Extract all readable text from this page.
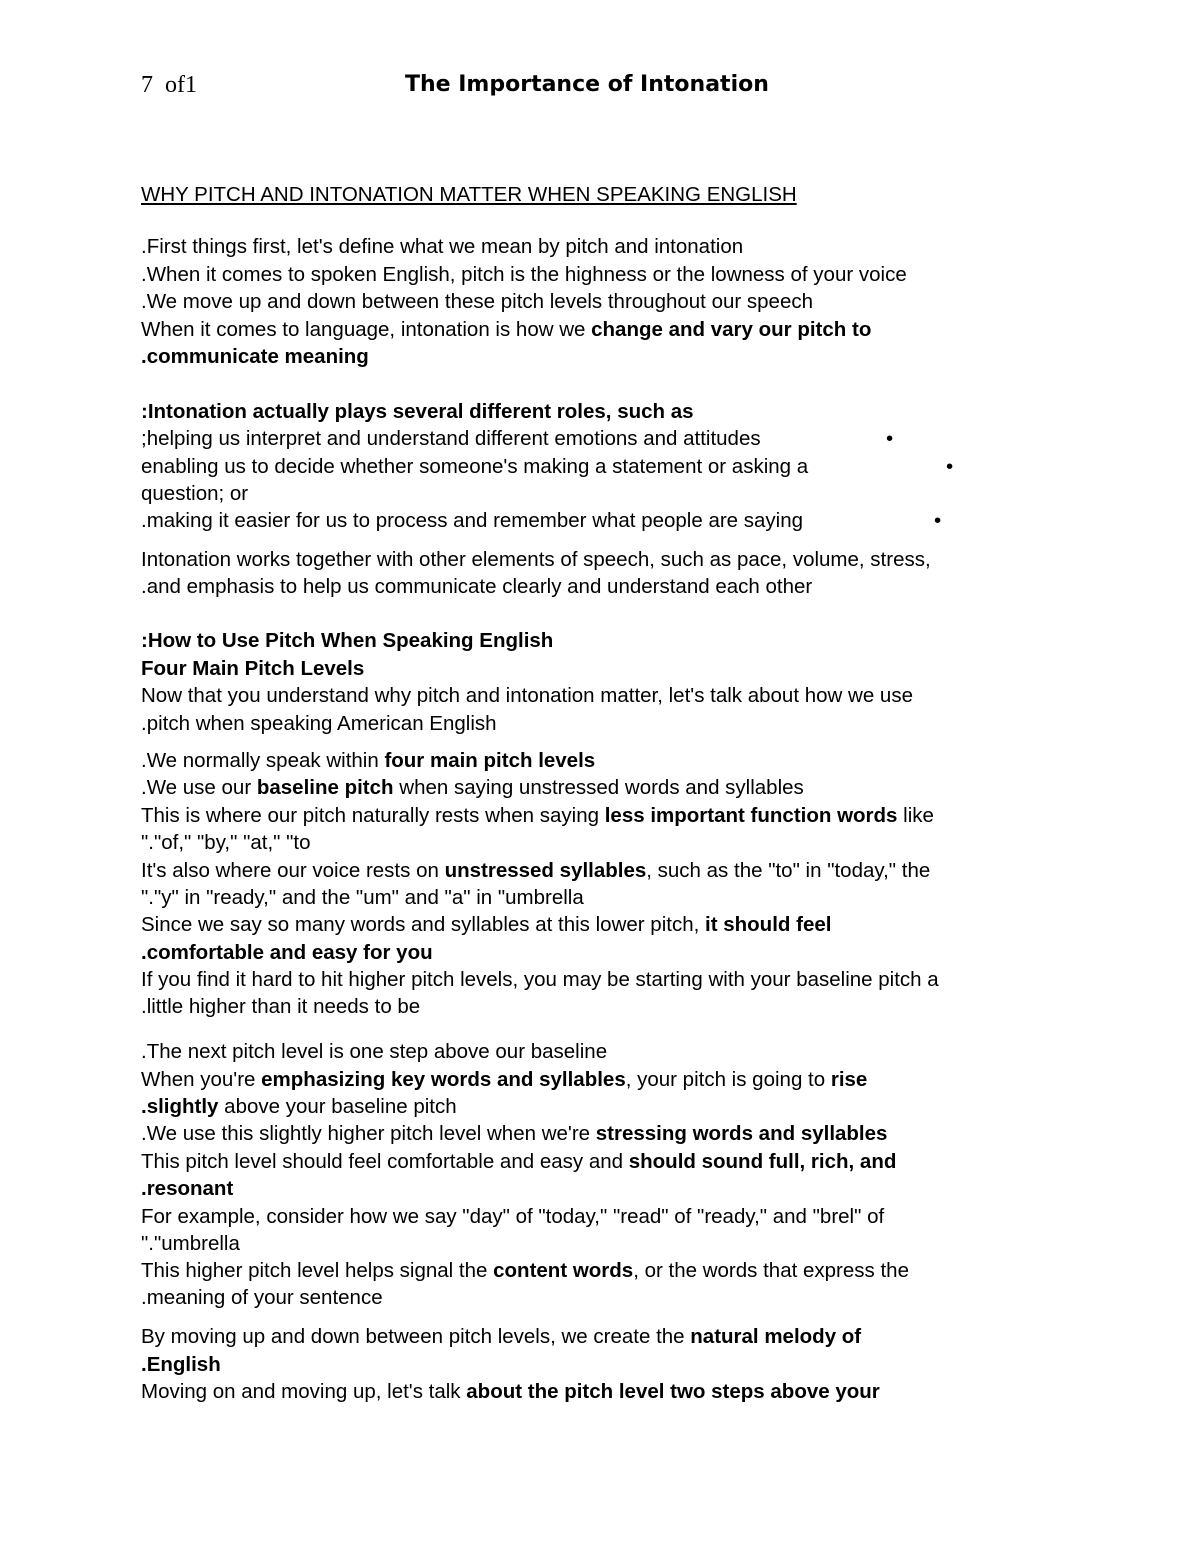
7  of1	The Importance of Intonation

WHY PITCH AND INTONATION MATTER WHEN SPEAKING ENGLISH

.First things first, let's define what we mean by pitch and intonation

.When it comes to spoken English, pitch is the highness or the lowness of your voice

.We move up and down between these pitch levels throughout our speech

When it comes to language, intonation is how we change and vary our pitch to

.communicate meaning

:Intonation actually plays several different roles, such as

;helping us interpret and understand different emotions and attitudes	•

enabling us to decide whether someone's making a statement or asking a	•

question; or

.making it easier for us to process and remember what people are saying	•

Intonation works together with other elements of speech, such as pace, volume, stress,

.and emphasis to help us communicate clearly and understand each other

:How to Use Pitch When Speaking English

Four Main Pitch Levels

Now that you understand why pitch and intonation matter, let's talk about how we use

.pitch when speaking American English

.We normally speak within four main pitch levels

.We use our baseline pitch when saying unstressed words and syllables

This is where our pitch naturally rests when saying less important function words like

"."of," "by," "at," "to

It's also where our voice rests on unstressed syllables, such as the "to" in "today," the

"."y" in "ready," and the "um" and "a" in "umbrella

Since we say so many words and syllables at this lower pitch, it should feel

.comfortable and easy for you

If you find it hard to hit higher pitch levels, you may be starting with your baseline pitch a

.little higher than it needs to be

.The next pitch level is one step above our baseline

When you're emphasizing key words and syllables, your pitch is going to rise

.slightly above your baseline pitch

.We use this slightly higher pitch level when we're stressing words and syllables

This pitch level should feel comfortable and easy and should sound full, rich, and

.resonant

For example, consider how we say "day" of "today," "read" of "ready," and "brel" of

"."umbrella

This higher pitch level helps signal the content words, or the words that express the

.meaning of your sentence

By moving up and down between pitch levels, we create the natural melody of

.English

Moving on and moving up, let's talk about the pitch level two steps above your
